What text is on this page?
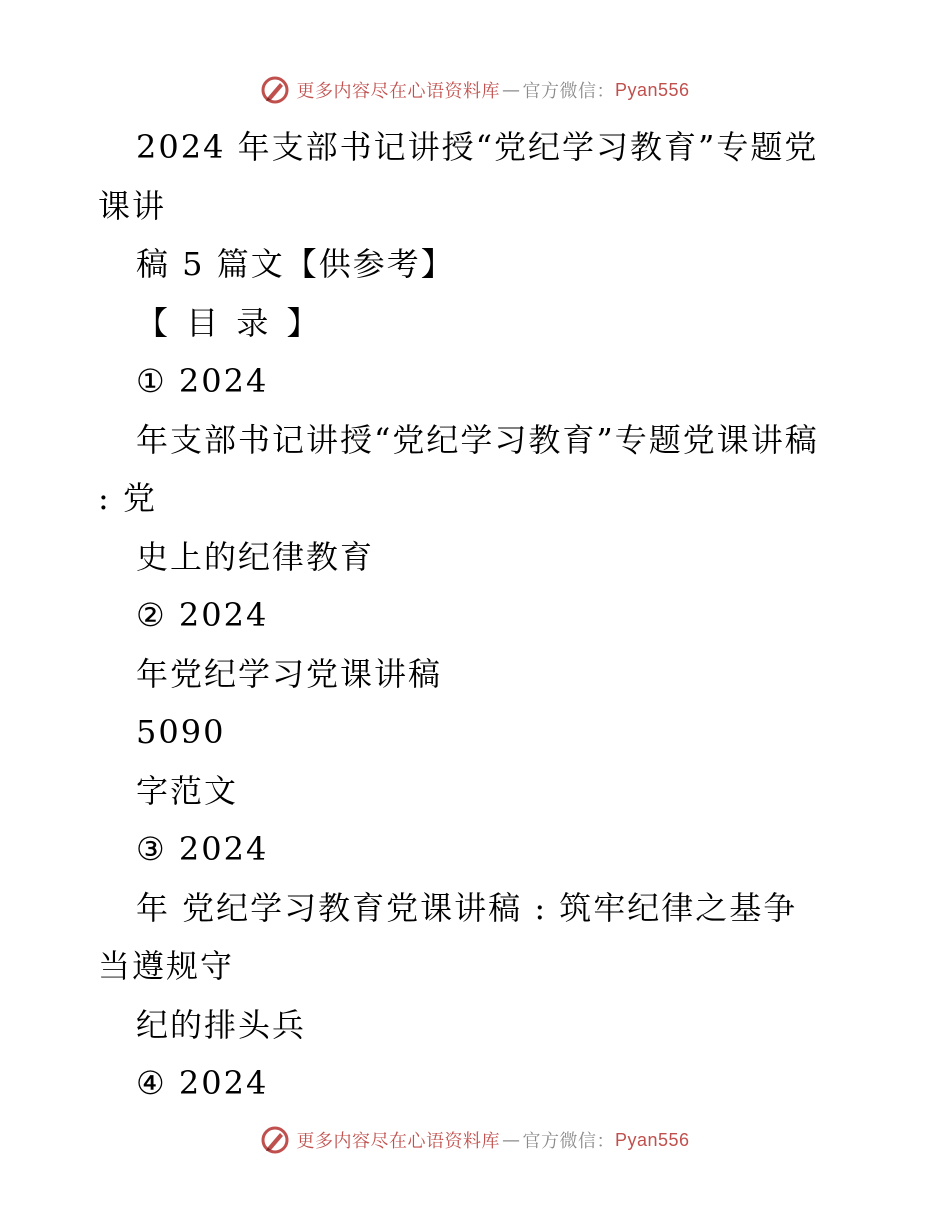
更多内容尽在心语资料库 — 官方微信： Pyan556
2024 年支部书记讲授“党纪学习教育”专题党
课讲
稿 5 篇文【供参考】
【 目 录 】
① 2024
年支部书记讲授“党纪学习教育”专题党课讲稿
: 党
史上的纪律教育
② 2024
年党纪学习党课讲稿
5090
字范文
③ 2024
年 党纪学习教育党课讲稿 : 筑牢纪律之基争
当遵规守
纪的排头兵
④ 2024
更多内容尽在心语资料库 — 官方微信： Pyan556
